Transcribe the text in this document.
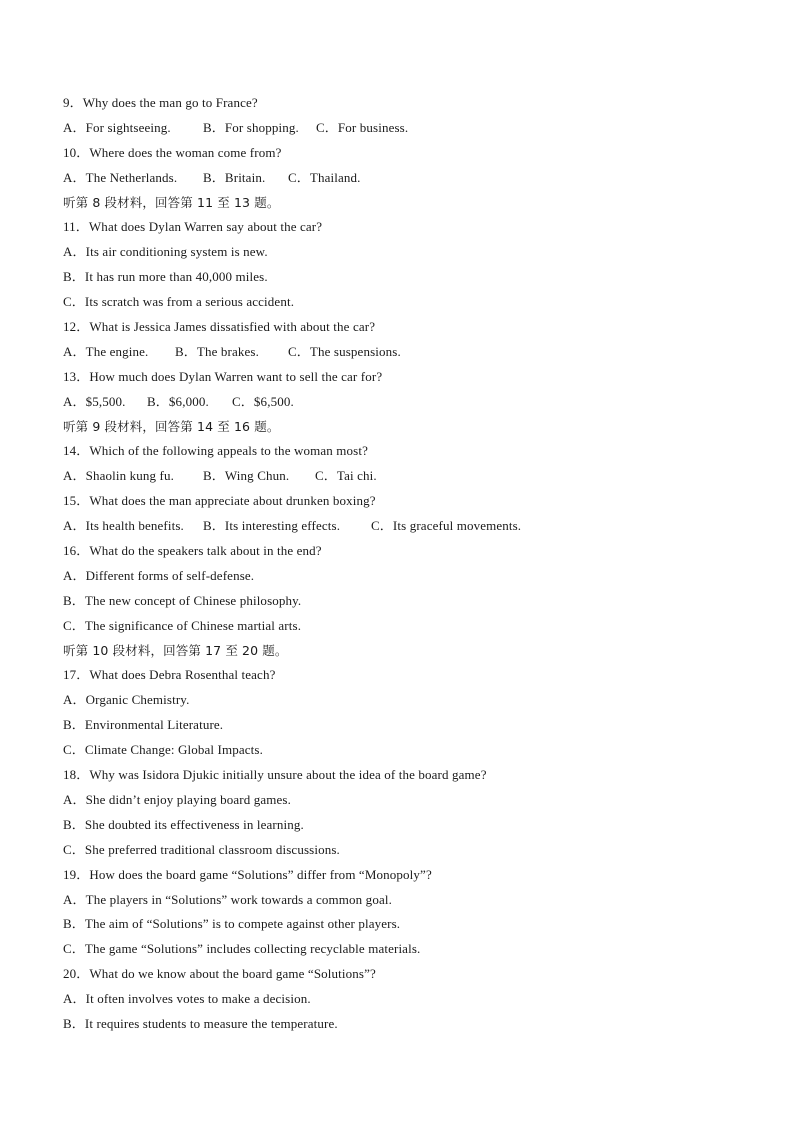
9．Why does the man go to France?
A．For sightseeing. B．For shopping. C．For business.
10．Where does the woman come from?
A．The Netherlands. B．Britain. C．Thailand.
听第 8 段材料，回答第 11 至 13 题。
11．What does Dylan Warren say about the car?
A．Its air conditioning system is new.
B．It has run more than 40,000 miles.
C．Its scratch was from a serious accident.
12．What is Jessica James dissatisfied with about the car?
A．The engine. B．The brakes. C．The suspensions.
13．How much does Dylan Warren want to sell the car for?
A．$5,500. B．$6,000. C．$6,500.
听第 9 段材料，回答第 14 至 16 题。
14．Which of the following appeals to the woman most?
A．Shaolin kung fu. B．Wing Chun. C．Tai chi.
15．What does the man appreciate about drunken boxing?
A．Its health benefits. B．Its interesting effects. C．Its graceful movements.
16．What do the speakers talk about in the end?
A．Different forms of self-defense.
B．The new concept of Chinese philosophy.
C．The significance of Chinese martial arts.
听第 10 段材料，回答第 17 至 20 题。
17．What does Debra Rosenthal teach?
A．Organic Chemistry.
B．Environmental Literature.
C．Climate Change: Global Impacts.
18．Why was Isidora Djukic initially unsure about the idea of the board game?
A．She didn’t enjoy playing board games.
B．She doubted its effectiveness in learning.
C．She preferred traditional classroom discussions.
19．How does the board game “Solutions” differ from “Monopoly”?
A．The players in “Solutions” work towards a common goal.
B．The aim of “Solutions” is to compete against other players.
C．The game “Solutions” includes collecting recyclable materials.
20．What do we know about the board game “Solutions”?
A．It often involves votes to make a decision.
B．It requires students to measure the temperature.
